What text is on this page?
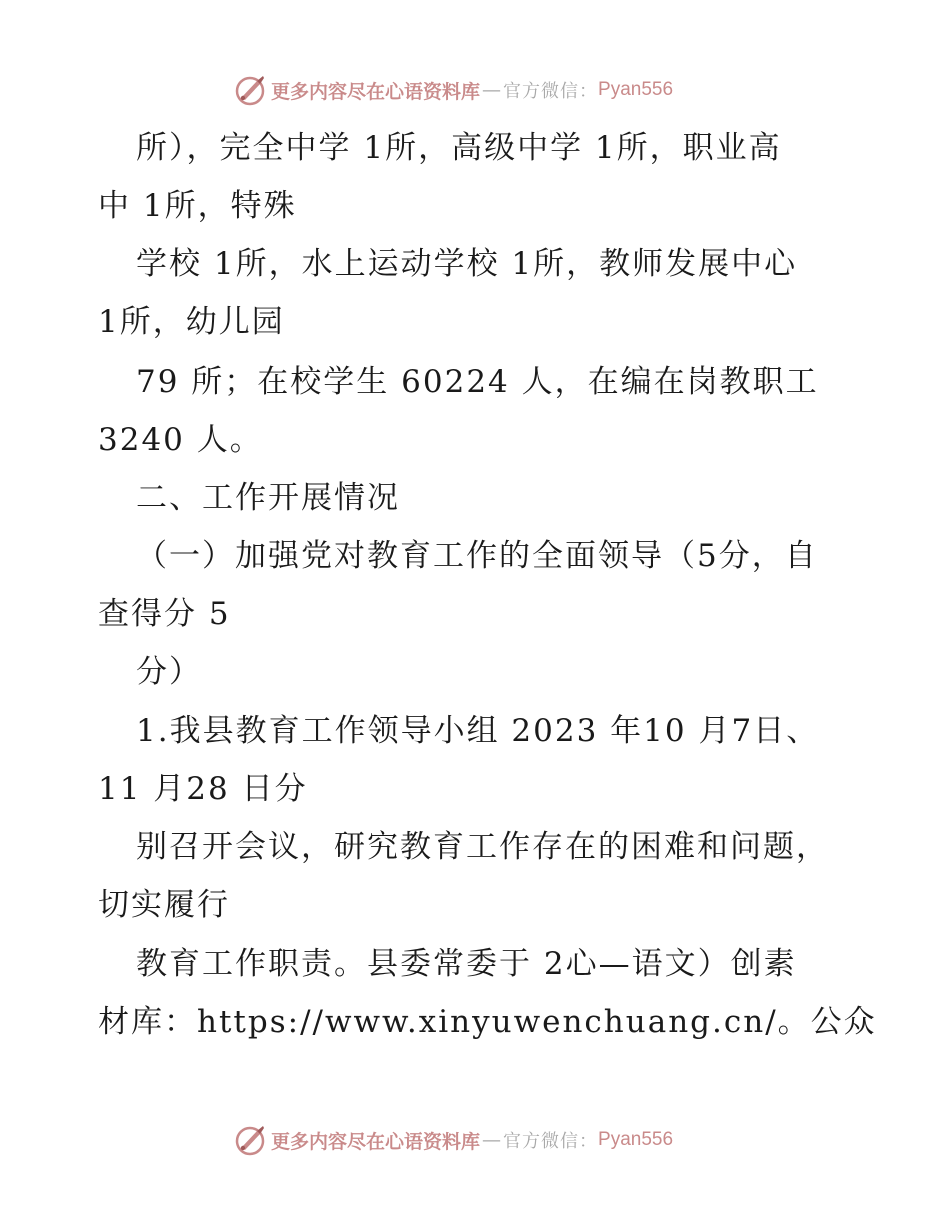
更多内容尽在心语资料库 — 官方微信： Pyan556
所），完全中学 1所，高级中学 1所，职业高
中 1所，特殊
学校 1所，水上运动学校 1所，教师发展中心
1所，幼儿园
79 所；在校学生 60224 人，在编在岗教职工
3240 人。
二、工作开展情况
（一）加强党对教育工作的全面领导（5分，自
查得分 5
分）
1.我县教育工作领导小组 2023 年10 月7日、
11 月28 日分
别召开会议，研究教育工作存在的困难和问题，
切实履行
教育工作职责。县委常委于 2心—语文）创素
材库：https://www.xinyuwenchuang.cn/。公众
更多内容尽在心语资料库 — 官方微信： Pyan556
